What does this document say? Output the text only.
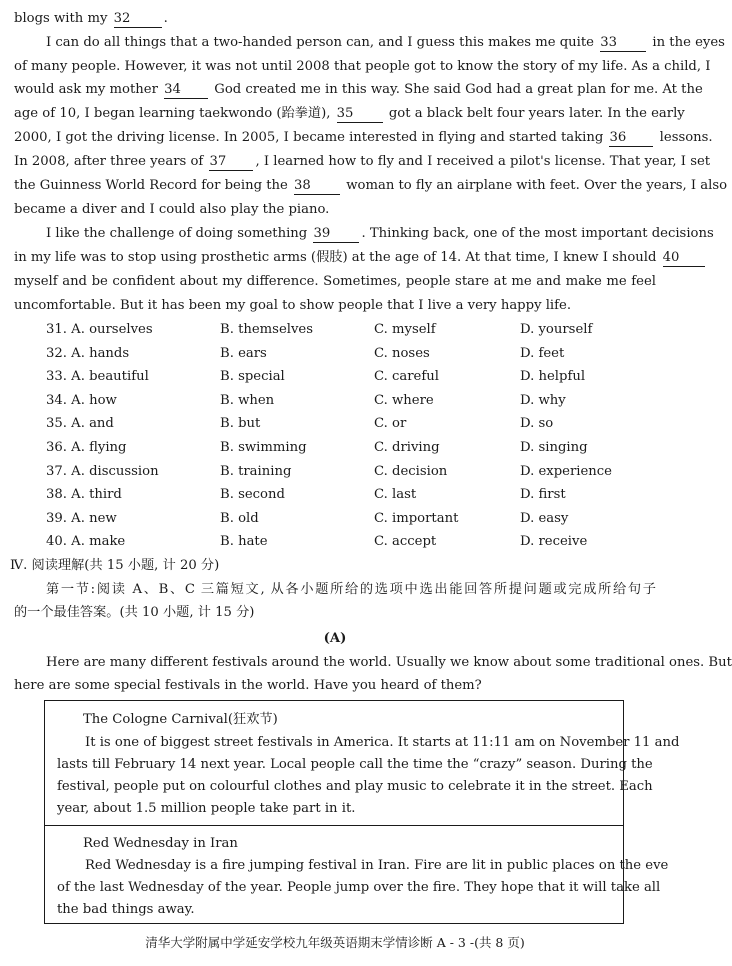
blogs with my 32	.
I can do all things that a two-handed person can, and I guess this makes me quite 33	in the eyes
of many people. However, it was not until 2008 that people got to know the story of my life. As a child, I
would ask my mother 34	God created me in this way. She said God had a great plan for me. At the
age of 10, I began learning taekwondo (跆拳道), 35	got a black belt four years later. In the early
2000, I got the driving license. In 2005, I became interested in flying and started taking 36	lessons.
In 2008, after three years of 37 , I learned how to fly and I received a pilot's license. That year, I set
the Guinness World Record for being the 38	woman to fly an airplane with feet. Over the years, I also
became a diver and I could also play the piano.
I like the challenge of doing something 39 . Thinking back, one of the most important decisions
in my life was to stop using prosthetic arms (假肢) at the age of 14. At that time, I knew I should 40
myself and be confident about my difference. Sometimes, people stare at me and make me feel
uncomfortable. But it has been my goal to show people that I live a very happy life.
31. A. ourselves	B. themselves	C. myself	D. yourself
32. A. hands	B. ears	C. noses	D. feet
33. A. beautiful	B. special	C. careful	D. helpful
34. A. how	B. when	C. where	D. why
35. A. and	B. but	C. or	D. so
36. A. flying	B. swimming	C. driving	D. singing
37. A. discussion	B. training	C. decision	D. experience
38. A. third	B. second	C. last	D. first
39. A. new	B. old	C. important	D. easy
40. A. make	B. hate	C. accept	D. receive
Ⅳ. 阅读理解(共 15 小题, 计 20 分)
第一节:阅读 A、B、C 三篇短文, 从各小题所给的选项中选出能回答所提问题或完成所给句子
的一个最佳答案。(共 10 小题, 计 15 分)
(A)
Here are many different festivals around the world. Usually we know about some traditional ones. But
here are some special festivals in the world. Have you heard of them?
The Cologne Carnival(狂欢节)
It is one of biggest street festivals in America. It starts at 11:11 am on November 11 and
lasts till February 14 next year. Local people call the time the “crazy” season. During the
festival, people put on colourful clothes and play music to celebrate it in the street. Each
year, about 1.5 million people take part in it.
Red Wednesday in Iran
Red Wednesday is a fire jumping festival in Iran. Fire are lit in public places on the eve
of the last Wednesday of the year. People jump over the fire. They hope that it will take all
the bad things away.
清华大学附属中学延安学校九年级英语期末学情诊断 A - 3 -(共 8 页)
